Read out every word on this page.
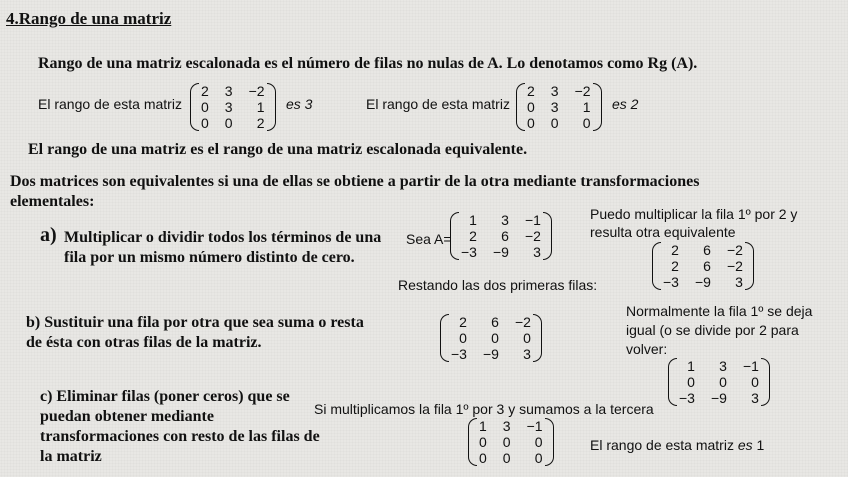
4.Rango de una matriz
Rango de una matriz escalonada es el número de filas no nulas de A. Lo denotamos como Rg (A).
El rango de esta matriz
2 3 −2
0 3	1
0 0	2
es 3	El rango de esta matriz
2 3 −2
0 3	1
0 0	0
es 2
El rango de una matriz es el rango de una matriz escalonada equivalente.
Dos matrices son equivalentes si una de ellas se obtiene a partir de la otra mediante transformaciones elementales:
a) Multiplicar o dividir todos los términos de una fila por un mismo número distinto de cero.
b) Sustituir una fila por otra que sea suma o resta de ésta con otras filas de la matriz.
c) Eliminar filas (poner ceros) que se puedan obtener mediante transformaciones con resto de las filas de la matriz
Sea A=
1	3 −1
2	6 −2
−3 −9	3
Puedo multiplicar la fila 1º por 2 y resulta otra equivalente
2	6 −2
2	6 −2
−3 −9	3
Restando las dos primeras filas:
2	6 −2
0	0	0
−3 −9	3
Normalmente la fila 1º se deja igual (o se divide por 2 para volver:
1	3 −1
0	0	0
−3 −9	3
Si multiplicamos la fila 1º por 3 y sumamos a la tercera
1 3 −1
0 0	0
0 0	0
El rango de esta matriz es 1
